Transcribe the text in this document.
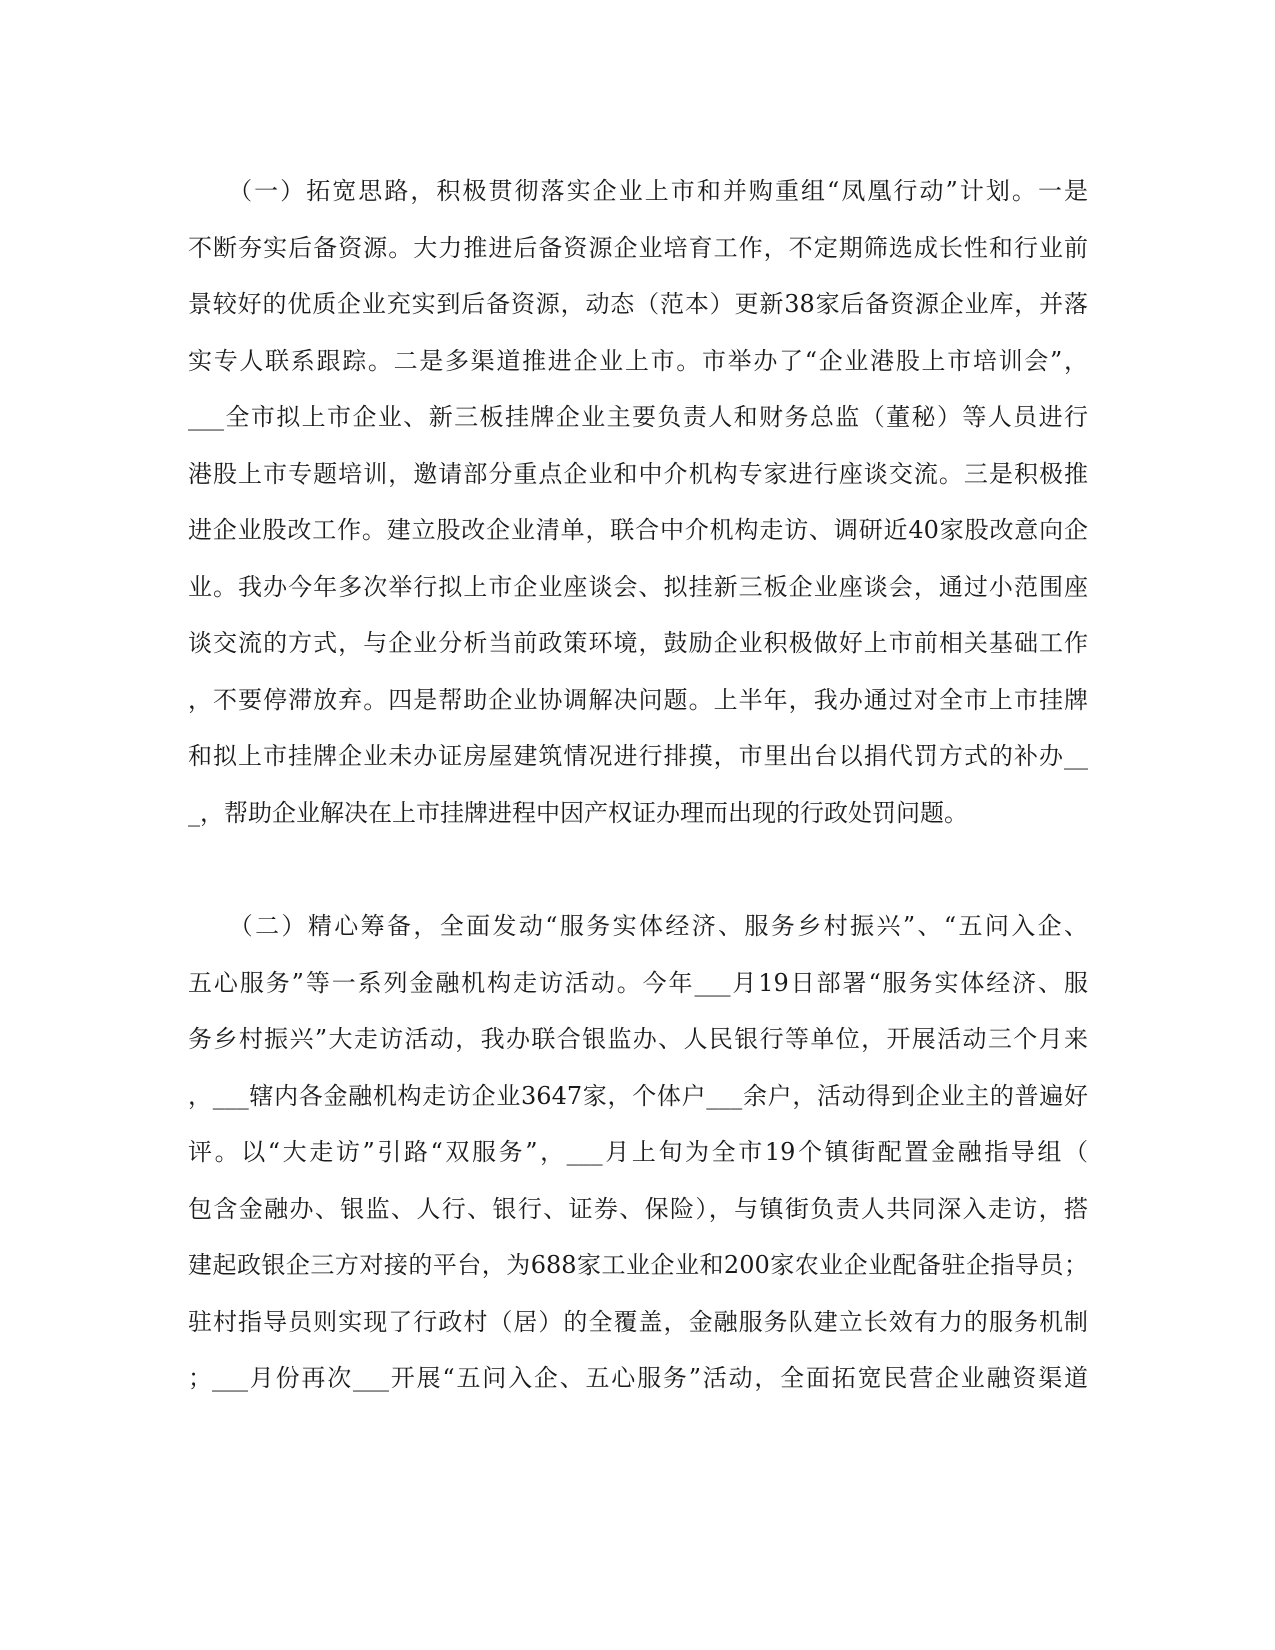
　　（一）拓宽思路，积极贯彻落实企业上市和并购重组“凤凰行动”计划。一是
不断夯实后备资源。大力推进后备资源企业培育工作，不定期筛选成长性和行业前
景较好的优质企业充实到后备资源，动态（范本）更新38家后备资源企业库，并落
实专人联系跟踪。二是多渠道推进企业上市。市举办了“企业港股上市培训会”，
___全市拟上市企业、新三板挂牌企业主要负责人和财务总监（董秘）等人员进行
港股上市专题培训，邀请部分重点企业和中介机构专家进行座谈交流。三是积极推
进企业股改工作。建立股改企业清单，联合中介机构走访、调研近40家股改意向企
业。我办今年多次举行拟上市企业座谈会、拟挂新三板企业座谈会，通过小范围座
谈交流的方式，与企业分析当前政策环境，鼓励企业积极做好上市前相关基础工作
，不要停滞放弃。四是帮助企业协调解决问题。上半年，我办通过对全市上市挂牌
和拟上市挂牌企业未办证房屋建筑情况进行排摸，市里出台以捐代罚方式的补办__
_，帮助企业解决在上市挂牌进程中因产权证办理而出现的行政处罚问题。
　　（二）精心筹备，全面发动“服务实体经济、服务乡村振兴”、“五问入企、
五心服务”等一系列金融机构走访活动。今年___月19日部署“服务实体经济、服
务乡村振兴”大走访活动，我办联合银监办、人民银行等单位，开展活动三个月来
，___辖内各金融机构走访企业3647家，个体户___余户，活动得到企业主的普遍好
评。以“大走访”引路“双服务”，___月上旬为全市19个镇街配置金融指导组（
包含金融办、银监、人行、银行、证券、保险），与镇街负责人共同深入走访，搭
建起政银企三方对接的平台，为688家工业企业和200家农业企业配备驻企指导员；
驻村指导员则实现了行政村（居）的全覆盖，金融服务队建立长效有力的服务机制
；___月份再次___开展“五问入企、五心服务”活动，全面拓宽民营企业融资渠道
